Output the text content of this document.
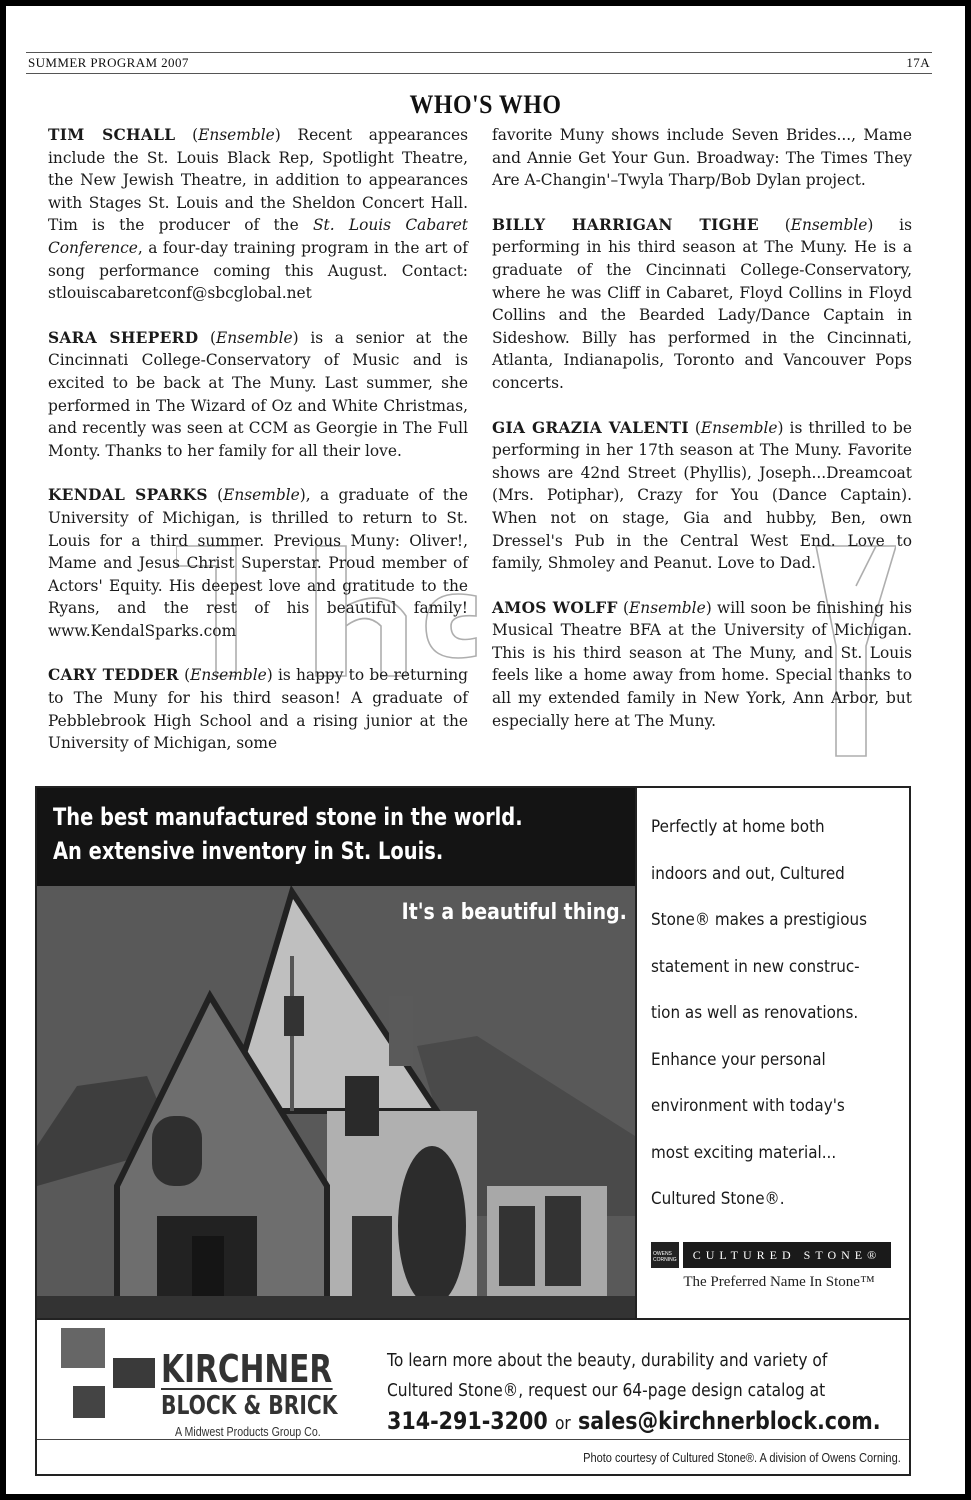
SUMMER PROGRAM 2007	17A
WHO'S WHO

TIM SCHALL (Ensemble) Recent appearances include the St. Louis Black Rep, Spotlight Theatre, the New Jewish Theatre, in addition to appearances with Stages St. Louis and the Sheldon Concert Hall. Tim is the producer of the St. Louis Cabaret Conference, a four-day training program in the art of song performance coming this August. Contact: stlouiscabaretconf@sbcglobal.net

SARA SHEPERD (Ensemble) is a senior at the Cincinnati College-Conservatory of Music and is excited to be back at The Muny. Last summer, she performed in The Wizard of Oz and White Christmas, and recently was seen at CCM as Georgie in The Full Monty. Thanks to her family for all their love.

KENDAL SPARKS (Ensemble), a graduate of the University of Michigan, is thrilled to return to St. Louis for a third summer. Previous Muny: Oliver!, Mame and Jesus Christ Superstar. Proud member of Actors' Equity. His deepest love and gratitude to the Ryans, and the rest of his beautiful family! www.KendalSparks.com

CARY TEDDER (Ensemble) is happy to be returning to The Muny for his third season! A graduate of Pebblebrook High School and a rising junior at the University of Michigan, some

favorite Muny shows include Seven Brides..., Mame and Annie Get Your Gun. Broadway: The Times They Are A-Changin'–Twyla Tharp/Bob Dylan project.

BILLY HARRIGAN TIGHE (Ensemble) is performing in his third season at The Muny. He is a graduate of the Cincinnati College-Conservatory, where he was Cliff in Cabaret, Floyd Collins in Floyd Collins and the Bearded Lady/Dance Captain in Sideshow. Billy has performed in the Cincinnati, Atlanta, Indianapolis, Toronto and Vancouver Pops concerts.

GIA GRAZIA VALENTI (Ensemble) is thrilled to be performing in her 17th season at The Muny. Favorite shows are 42nd Street (Phyllis), Joseph...Dreamcoat (Mrs. Potiphar), Crazy for You (Dance Captain). When not on stage, Gia and hubby, Ben, own Dressel's Pub in the Central West End. Love to family, Shmoley and Peanut. Love to Dad.

AMOS WOLFF (Ensemble) will soon be finishing his Musical Theatre BFA at the University of Michigan. This is his third season at The Muny, and St. Louis feels like a home away from home. Special thanks to all my extended family in New York, Ann Arbor, but especially here at The Muny.

The best manufactured stone in the world.
An extensive inventory in St. Louis.
It's a beautiful thing.

Perfectly at home both

indoors and out, Cultured

Stone® makes a prestigious

statement in new construc-

tion as well as renovations.

Enhance your personal

environment with today's

most exciting material...

Cultured Stone®.

OWENS CORNING	CULTURED STONE®
The Preferred Name In Stone™
KIRCHNER
BLOCK & BRICK
A Midwest Products Group Co.
To learn more about the beauty, durability and variety of
Cultured Stone®, request our 64-page design catalog at
314-291-3200 or sales@kirchnerblock.com.
Photo courtesy of Cultured Stone®. A division of Owens Corning.
